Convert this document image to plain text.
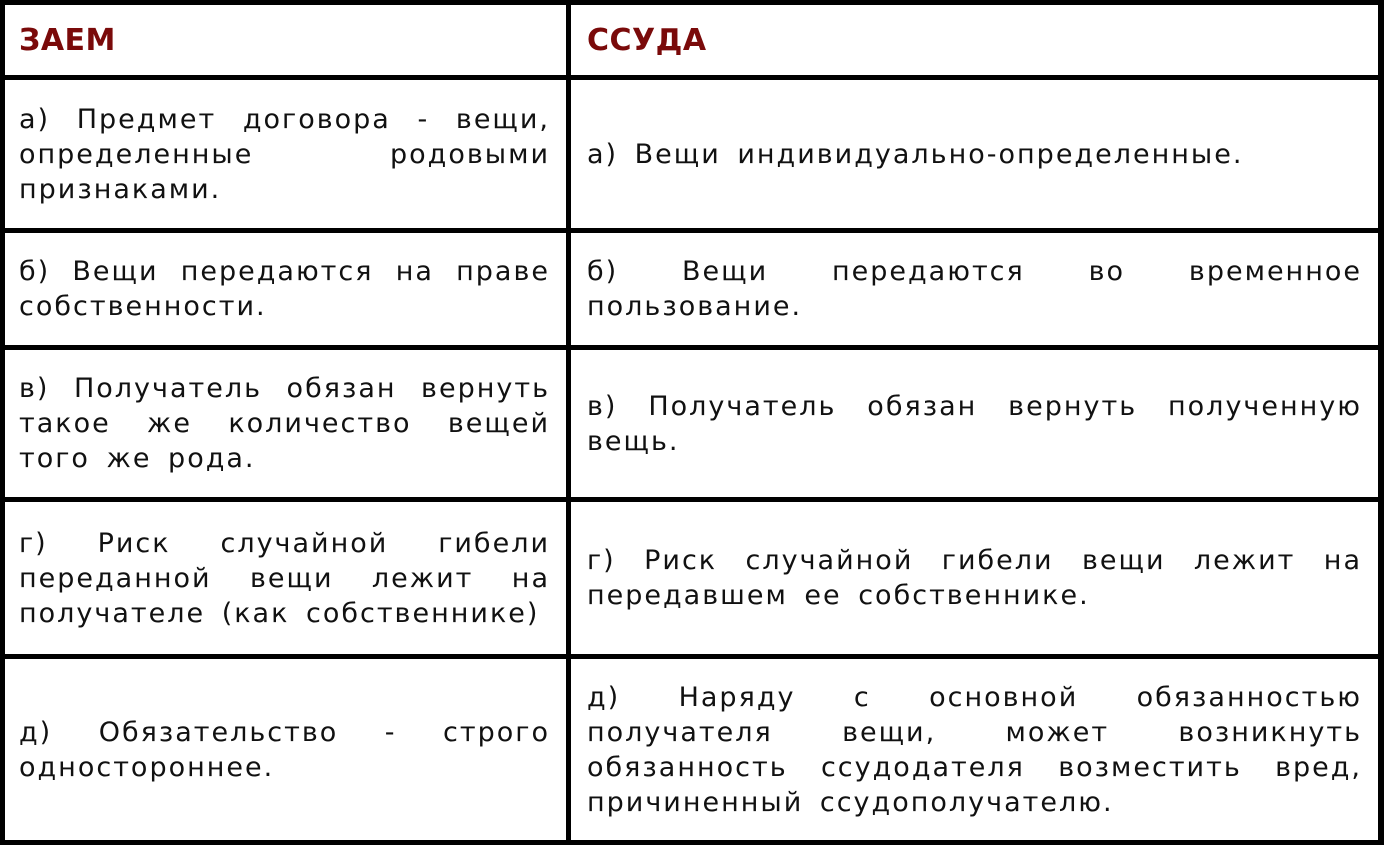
ЗАЕМ	ССУДА
а) Предмет договора - вещи, определенные родовыми признаками.
а) Вещи индивидуально-определенные.
б) Вещи передаются на праве собственности.
б) Вещи передаются во временное пользование.
в) Получатель обязан вернуть такое же количество вещей того же рода.
в) Получатель обязан вернуть полученную вещь.
г) Риск случайной гибели переданной вещи лежит на получателе (как собственнике)
г) Риск случайной гибели вещи лежит на передавшем ее собственнике.
д) Обязательство - строго одностороннее.
д) Наряду с основной обязанностью получателя вещи, может возникнуть обязанность ссудодателя возместить вред, причиненный ссудополучателю.
